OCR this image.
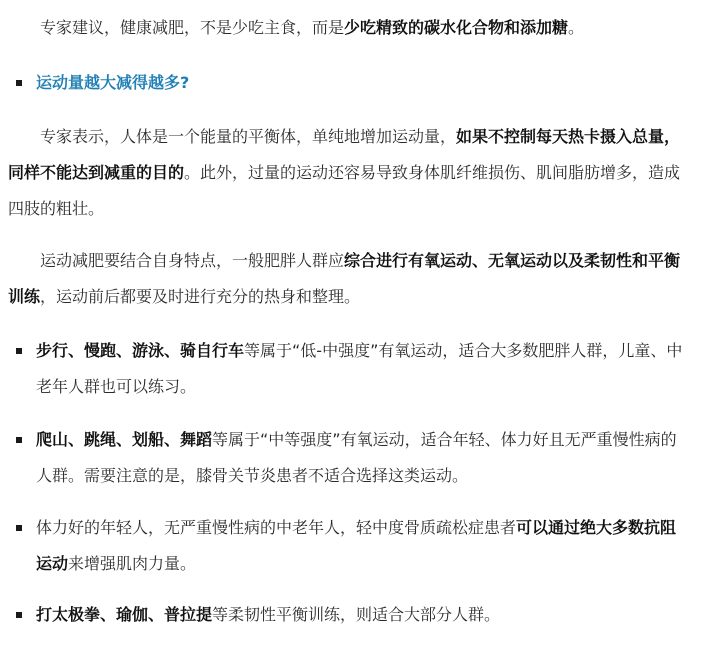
专家建议，健康减肥，不是少吃主食，而是少吃精致的碳水化合物和添加糖。

运动量越大减得越多?

专家表示，人体是一个能量的平衡体，单纯地增加运动量，如果不控制每天热卡摄入总量，同样不能达到减重的目的。此外，过量的运动还容易导致身体肌纤维损伤、肌间脂肪增多，造成四肢的粗壮。

运动减肥要结合自身特点，一般肥胖人群应综合进行有氧运动、无氧运动以及柔韧性和平衡训练，运动前后都要及时进行充分的热身和整理。

步行、慢跑、游泳、骑自行车等属于“低-中强度”有氧运动，适合大多数肥胖人群，儿童、中老年人群也可以练习。

爬山、跳绳、划船、舞蹈等属于“中等强度”有氧运动，适合年轻、体力好且无严重慢性病的人群。需要注意的是，膝骨关节炎患者不适合选择这类运动。

体力好的年轻人，无严重慢性病的中老年人，轻中度骨质疏松症患者可以通过绝大多数抗阻运动来增强肌肉力量。

打太极拳、瑜伽、普拉提等柔韧性平衡训练，则适合大部分人群。
